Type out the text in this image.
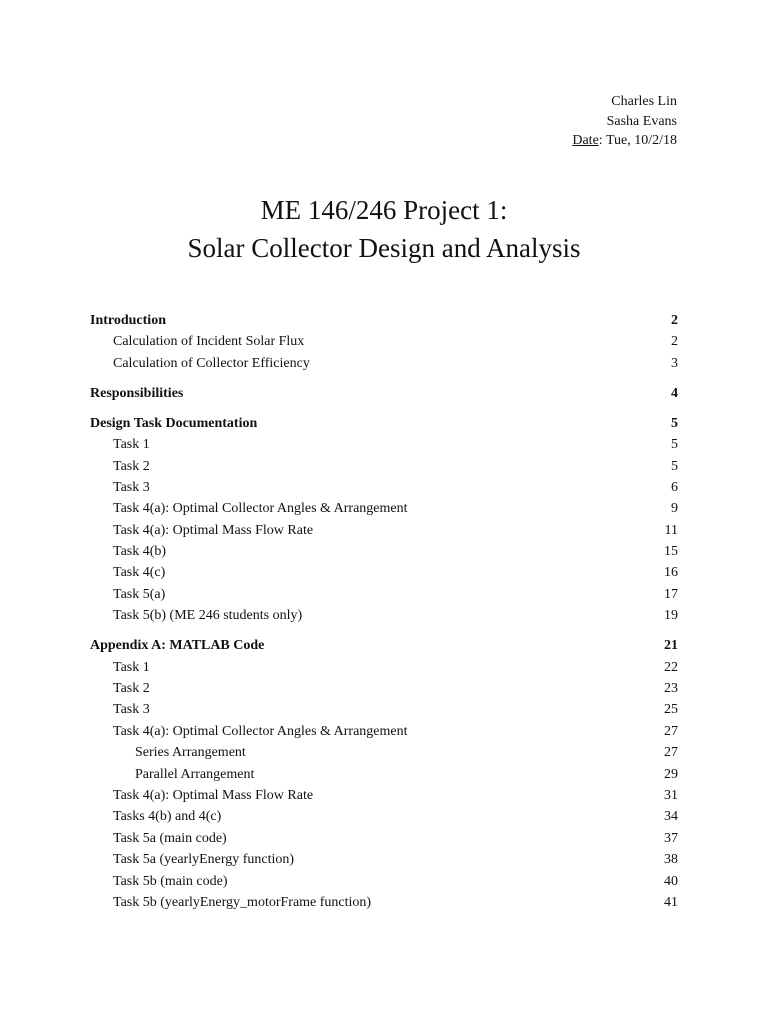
Charles Lin
Sasha Evans
Date: Tue, 10/2/18
ME 146/246 Project 1:
Solar Collector Design and Analysis
Introduction	2
Calculation of Incident Solar Flux	2
Calculation of Collector Efficiency	3
Responsibilities	4
Design Task Documentation	5
Task 1	5
Task 2	5
Task 3	6
Task 4(a): Optimal Collector Angles & Arrangement	9
Task 4(a): Optimal Mass Flow Rate	11
Task 4(b)	15
Task 4(c)	16
Task 5(a)	17
Task 5(b) (ME 246 students only)	19
Appendix A: MATLAB Code	21
Task 1	22
Task 2	23
Task 3	25
Task 4(a): Optimal Collector Angles & Arrangement	27
Series Arrangement	27
Parallel Arrangement	29
Task 4(a): Optimal Mass Flow Rate	31
Tasks 4(b) and 4(c)	34
Task 5a (main code)	37
Task 5a (yearlyEnergy function)	38
Task 5b (main code)	40
Task 5b (yearlyEnergy_motorFrame function)	41
